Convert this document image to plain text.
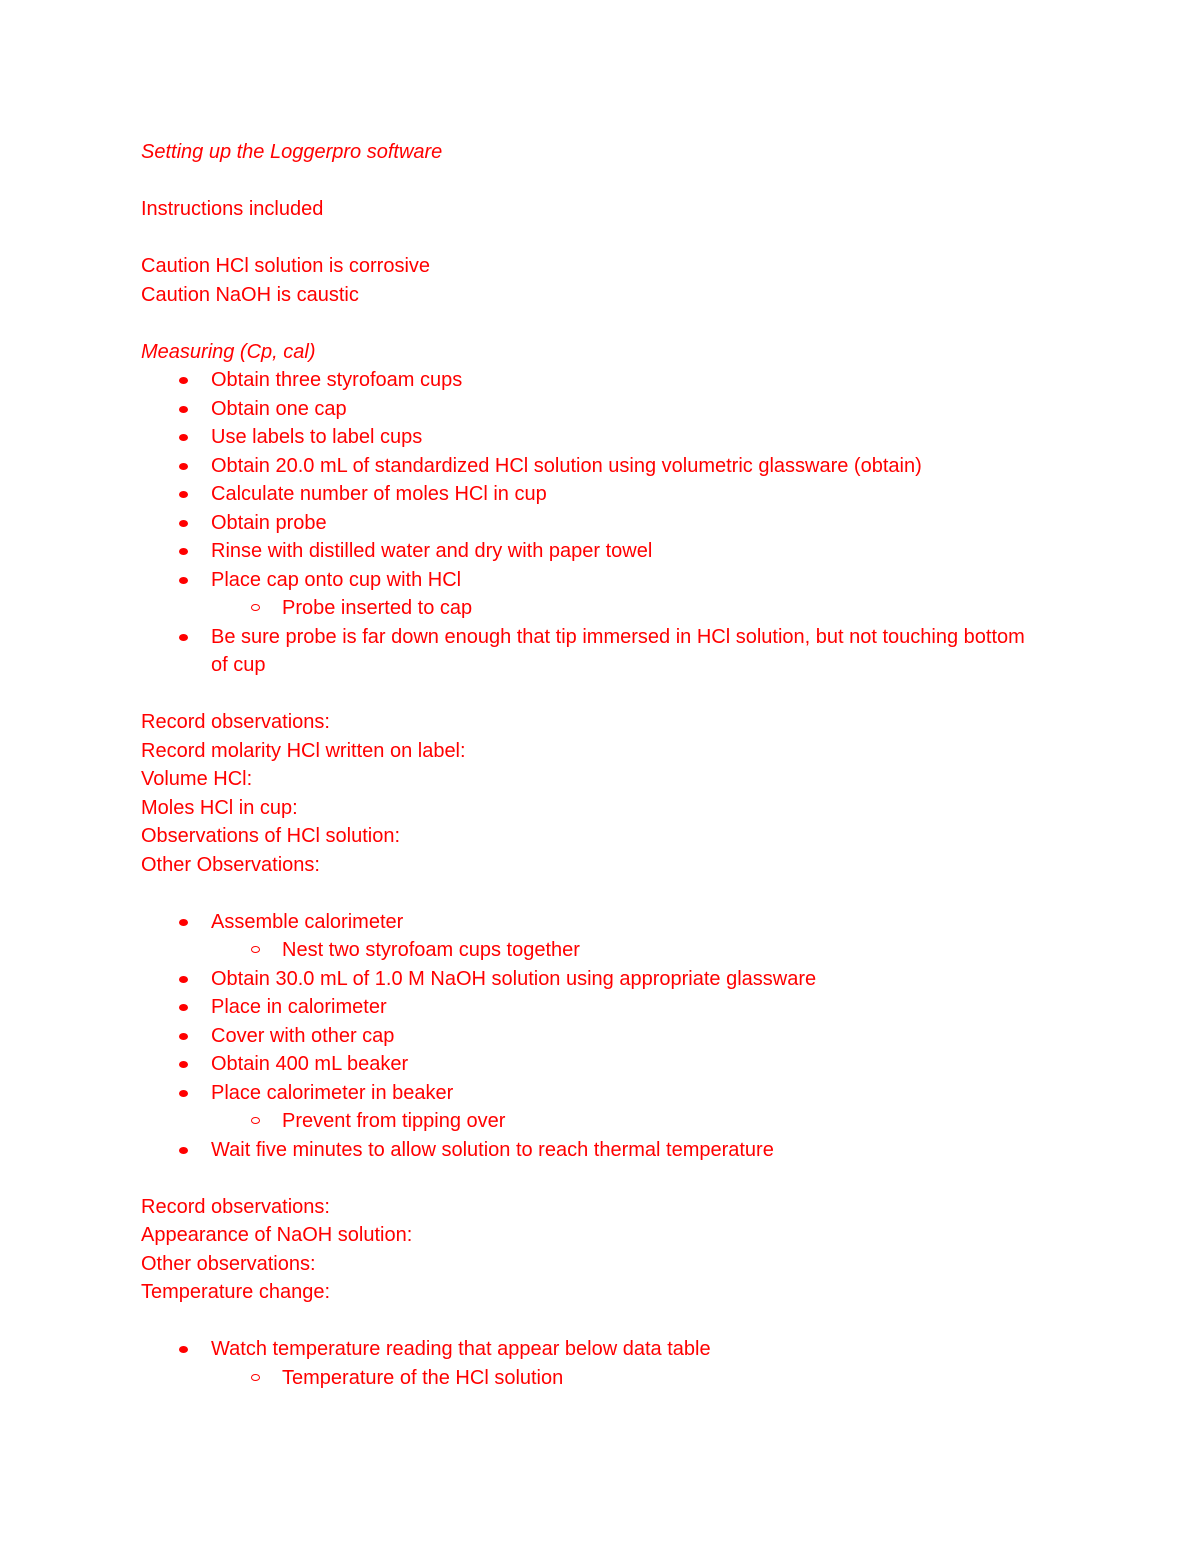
Setting up the Loggerpro software
Instructions included
Caution HCl solution is corrosive
Caution NaOH is caustic
Measuring (Cp, cal)
Obtain three styrofoam cups
Obtain one cap
Use labels to label cups
Obtain 20.0 mL of standardized HCl solution using volumetric glassware (obtain)
Calculate number of moles HCl in cup
Obtain probe
Rinse with distilled water and dry with paper towel
Place cap onto cup with HCl
Probe inserted to cap
Be sure probe is far down enough that tip immersed in HCl solution, but not touching bottom of cup
Record observations:
Record molarity HCl written on label:
Volume HCl:
Moles HCl in cup:
Observations of HCl solution:
Other Observations:
Assemble calorimeter
Nest two styrofoam cups together
Obtain 30.0 mL of 1.0 M NaOH solution using appropriate glassware
Place in calorimeter
Cover with other cap
Obtain 400 mL beaker
Place calorimeter in beaker
Prevent from tipping over
Wait five minutes to allow solution to reach thermal temperature
Record observations:
Appearance of NaOH solution:
Other observations:
Temperature change:
Watch temperature reading that appear below data table
Temperature of the HCl solution
